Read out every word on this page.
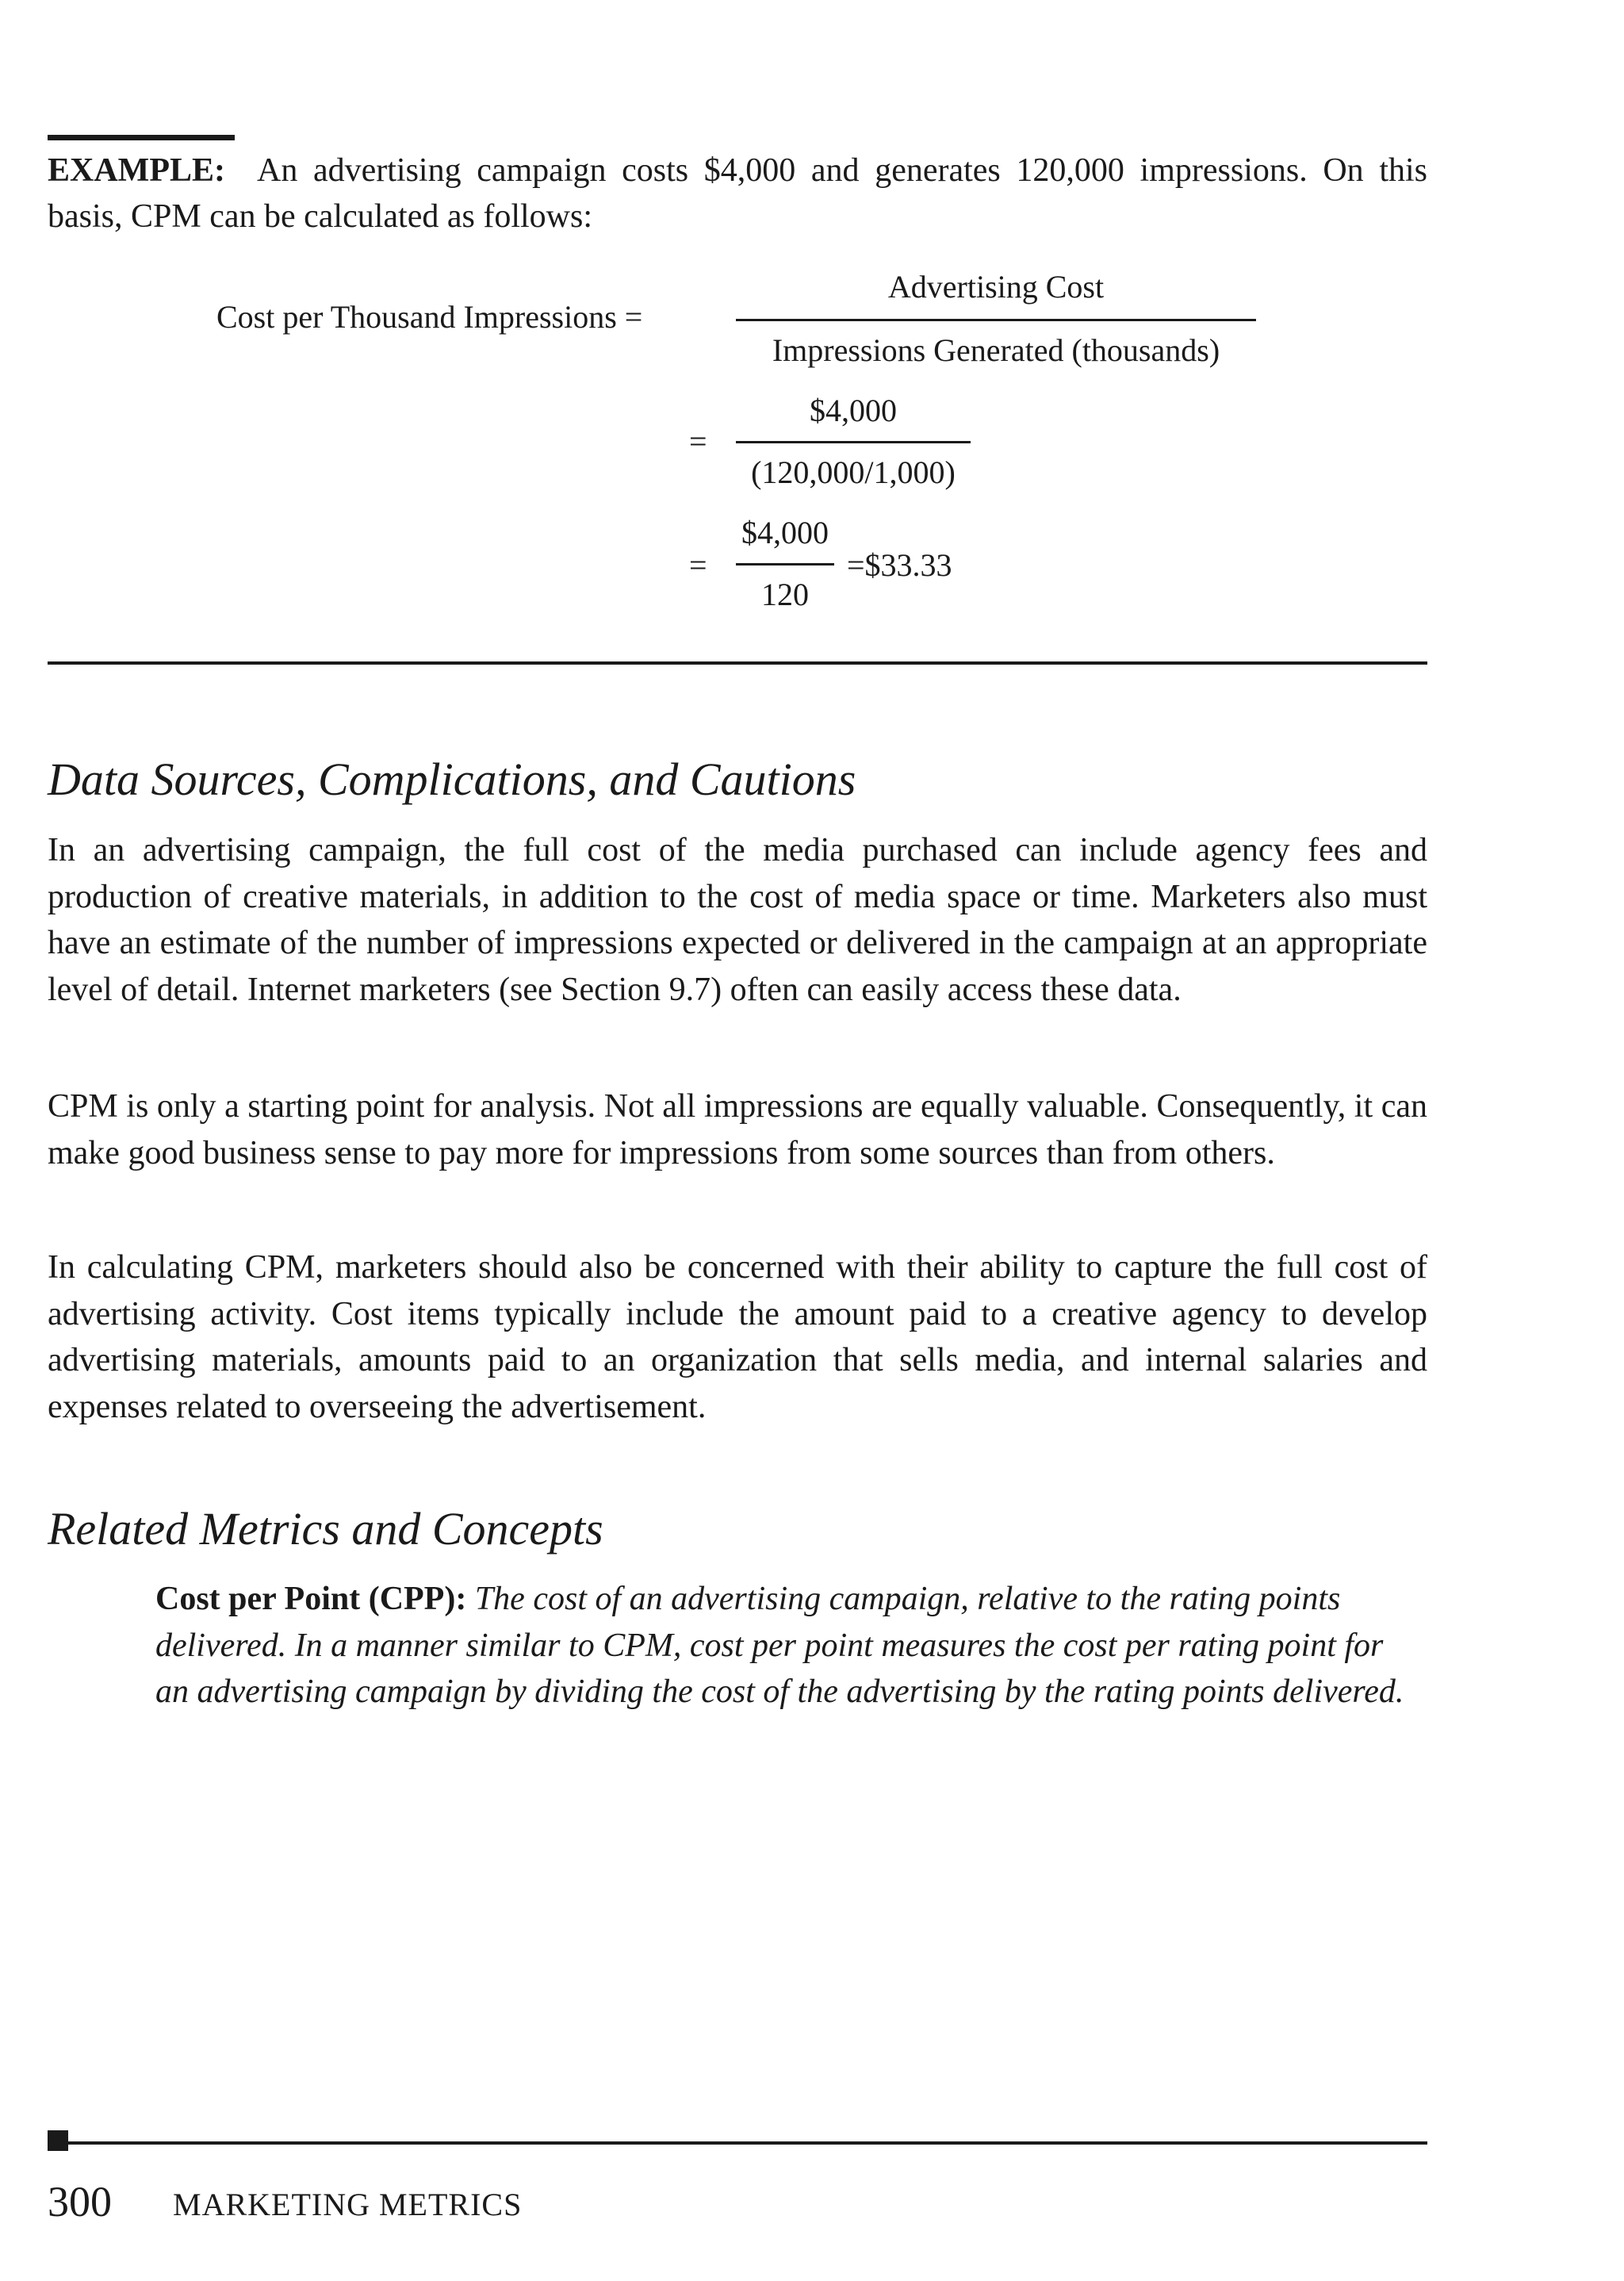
EXAMPLE: An advertising campaign costs $4,000 and generates 120,000 impressions. On this basis, CPM can be calculated as follows:
Cost per Thousand Impressions =
Advertising Cost
Impressions Generated (thousands)
=
$4,000
(120,000/1,000)
=
$4,000
120
=$33.33
Data Sources, Complications, and Cautions
In an advertising campaign, the full cost of the media purchased can include agency fees and production of creative materials, in addition to the cost of media space or time. Marketers also must have an estimate of the number of impressions expected or delivered in the campaign at an appropriate level of detail. Internet marketers (see Section 9.7) often can easily access these data.
CPM is only a starting point for analysis. Not all impressions are equally valuable. Consequently, it can make good business sense to pay more for impressions from some sources than from others.
In calculating CPM, marketers should also be concerned with their ability to capture the full cost of advertising activity. Cost items typically include the amount paid to a creative agency to develop advertising materials, amounts paid to an organization that sells media, and internal salaries and expenses related to overseeing the advertisement.
Related Metrics and Concepts
Cost per Point (CPP): The cost of an advertising campaign, relative to the rating points delivered. In a manner similar to CPM, cost per point measures the cost per rating point for an advertising campaign by dividing the cost of the advertising by the rating points delivered.
300 MARKETING METRICS
